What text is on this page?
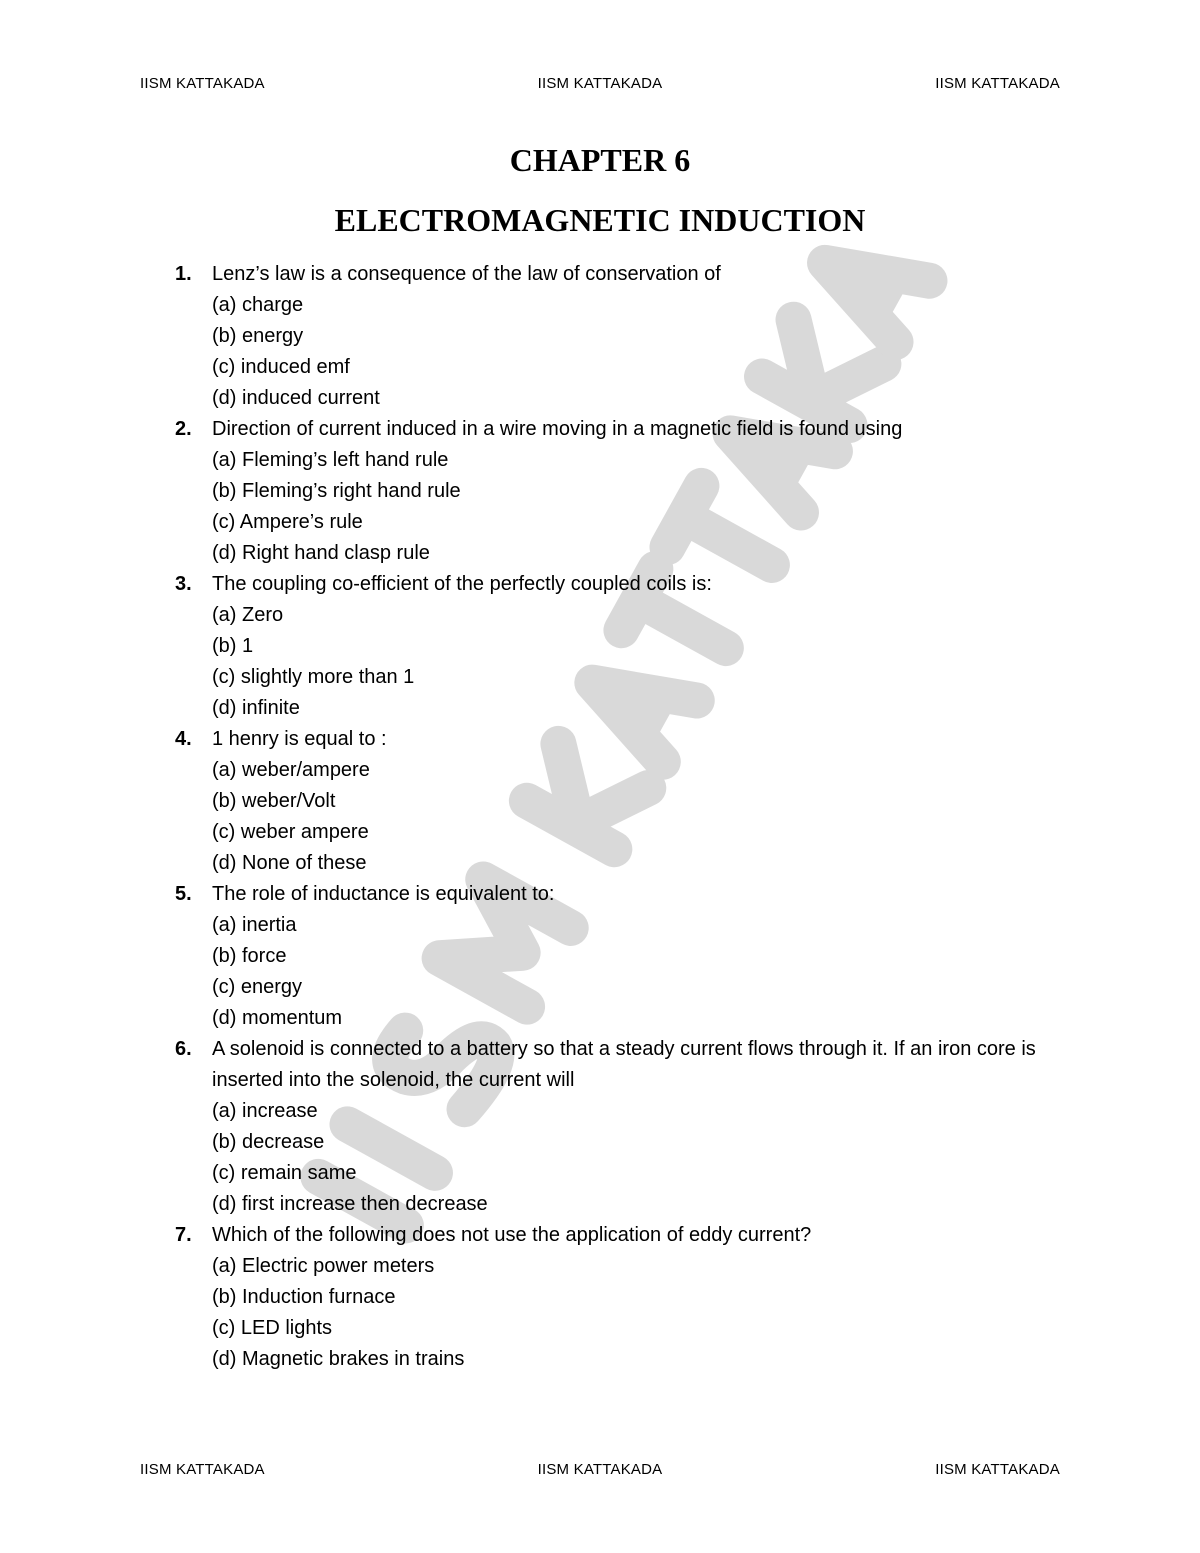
IISM KATTAKADA	IISM KATTAKADA	IISM KATTAKADA
CHAPTER 6
ELECTROMAGNETIC INDUCTION
1. Lenz’s law is a consequence of the law of conservation of
(a) charge
(b) energy
(c) induced emf
(d) induced current
2. Direction of current induced in a wire moving in a magnetic field is found using
(a) Fleming’s left hand rule
(b) Fleming’s right hand rule
(c) Ampere’s rule
(d) Right hand clasp rule
3. The coupling co-efficient of the perfectly coupled coils is:
(a) Zero
(b) 1
(c) slightly more than 1
(d) infinite
4. 1 henry is equal to :
(a) weber/ampere
(b) weber/Volt
(c) weber ampere
(d) None of these
5. The role of inductance is equivalent to:
(a) inertia
(b) force
(c) energy
(d) momentum
6. A solenoid is connected to a battery so that a steady current flows through it. If an iron core is inserted into the solenoid, the current will
(a) increase
(b) decrease
(c) remain same
(d) first increase then decrease
7. Which of the following does not use the application of eddy current?
(a) Electric power meters
(b) Induction furnace
(c) LED lights
(d) Magnetic brakes in trains
IISM KATTAKADA	IISM KATTAKADA	IISM KATTAKADA
